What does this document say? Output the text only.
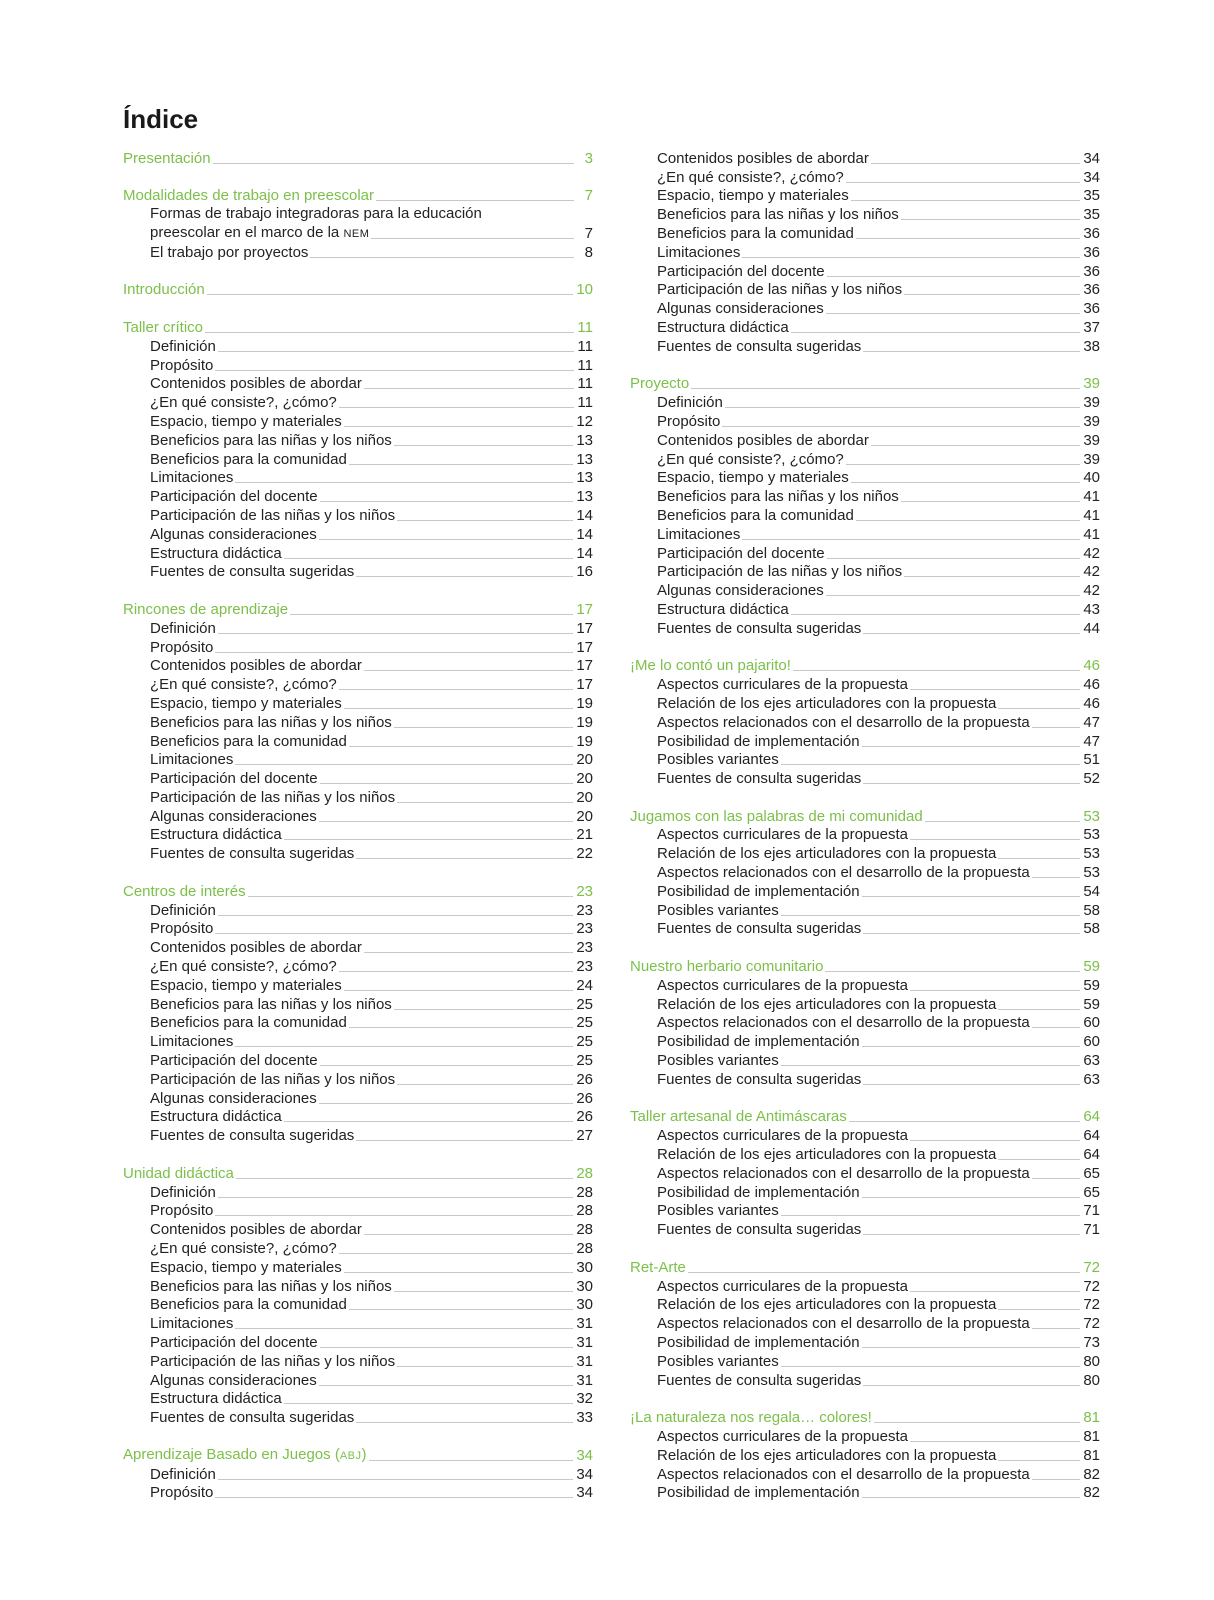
Índice
Presentación	3
Modalidades de trabajo en preescolar	7
Formas de trabajo integradoras para la educación
preescolar en el marco de la NEM	7
El trabajo por proyectos	8
Introducción	10
Taller crítico	11
Definición	11
Propósito	11
Contenidos posibles de abordar	11
¿En qué consiste?, ¿cómo?	11
Espacio, tiempo y materiales	12
Beneficios para las niñas y los niños	13
Beneficios para la comunidad	13
Limitaciones	13
Participación del docente	13
Participación de las niñas y los niños	14
Algunas consideraciones	14
Estructura didáctica	14
Fuentes de consulta sugeridas	16
Rincones de aprendizaje	17
Definición	17
Propósito	17
Contenidos posibles de abordar	17
¿En qué consiste?, ¿cómo?	17
Espacio, tiempo y materiales	19
Beneficios para las niñas y los niños	19
Beneficios para la comunidad	19
Limitaciones	20
Participación del docente	20
Participación de las niñas y los niños	20
Algunas consideraciones	20
Estructura didáctica	21
Fuentes de consulta sugeridas	22
Centros de interés	23
Definición	23
Propósito	23
Contenidos posibles de abordar	23
¿En qué consiste?, ¿cómo?	23
Espacio, tiempo y materiales	24
Beneficios para las niñas y los niños	25
Beneficios para la comunidad	25
Limitaciones	25
Participación del docente	25
Participación de las niñas y los niños	26
Algunas consideraciones	26
Estructura didáctica	26
Fuentes de consulta sugeridas	27
Unidad didáctica	28
Definición	28
Propósito	28
Contenidos posibles de abordar	28
¿En qué consiste?, ¿cómo?	28
Espacio, tiempo y materiales	30
Beneficios para las niñas y los niños	30
Beneficios para la comunidad	30
Limitaciones	31
Participación del docente	31
Participación de las niñas y los niños	31
Algunas consideraciones	31
Estructura didáctica	32
Fuentes de consulta sugeridas	33
Aprendizaje Basado en Juegos (ABJ)	34
Definición	34
Propósito	34
Contenidos posibles de abordar	34
¿En qué consiste?, ¿cómo?	34
Espacio, tiempo y materiales	35
Beneficios para las niñas y los niños	35
Beneficios para la comunidad	36
Limitaciones	36
Participación del docente	36
Participación de las niñas y los niños	36
Algunas consideraciones	36
Estructura didáctica	37
Fuentes de consulta sugeridas	38
Proyecto	39
Definición	39
Propósito	39
Contenidos posibles de abordar	39
¿En qué consiste?, ¿cómo?	39
Espacio, tiempo y materiales	40
Beneficios para las niñas y los niños	41
Beneficios para la comunidad	41
Limitaciones	41
Participación del docente	42
Participación de las niñas y los niños	42
Algunas consideraciones	42
Estructura didáctica	43
Fuentes de consulta sugeridas	44
¡Me lo contó un pajarito!	46
Aspectos curriculares de la propuesta	46
Relación de los ejes articuladores con la propuesta	46
Aspectos relacionados con el desarrollo de la propuesta	47
Posibilidad de implementación	47
Posibles variantes	51
Fuentes de consulta sugeridas	52
Jugamos con las palabras de mi comunidad	53
Aspectos curriculares de la propuesta	53
Relación de los ejes articuladores con la propuesta	53
Aspectos relacionados con el desarrollo de la propuesta	53
Posibilidad de implementación	54
Posibles variantes	58
Fuentes de consulta sugeridas	58
Nuestro herbario comunitario	59
Aspectos curriculares de la propuesta	59
Relación de los ejes articuladores con la propuesta	59
Aspectos relacionados con el desarrollo de la propuesta	60
Posibilidad de implementación	60
Posibles variantes	63
Fuentes de consulta sugeridas	63
Taller artesanal de Antimáscaras	64
Aspectos curriculares de la propuesta	64
Relación de los ejes articuladores con la propuesta	64
Aspectos relacionados con el desarrollo de la propuesta	65
Posibilidad de implementación	65
Posibles variantes	71
Fuentes de consulta sugeridas	71
Ret-Arte	72
Aspectos curriculares de la propuesta	72
Relación de los ejes articuladores con la propuesta	72
Aspectos relacionados con el desarrollo de la propuesta	72
Posibilidad de implementación	73
Posibles variantes	80
Fuentes de consulta sugeridas	80
¡La naturaleza nos regala… colores!	81
Aspectos curriculares de la propuesta	81
Relación de los ejes articuladores con la propuesta	81
Aspectos relacionados con el desarrollo de la propuesta	82
Posibilidad de implementación	82
